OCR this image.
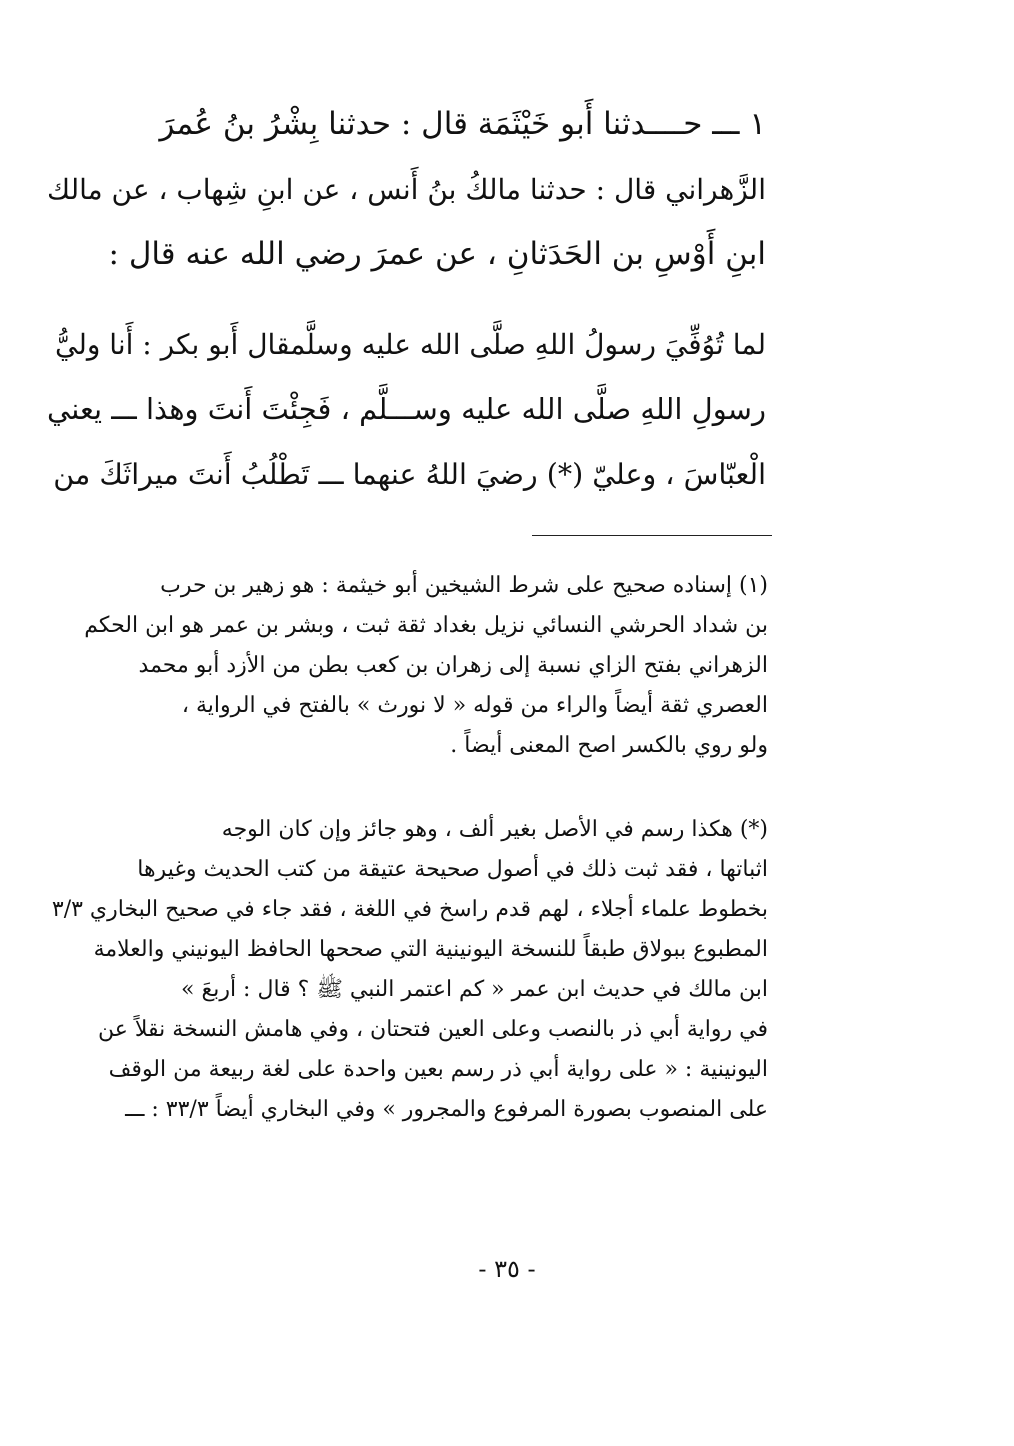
١ ـــ حــــدثنا أَبو خَيْثَمَة قال : حدثنا بِشْرُ بنُ عُمرَ
الزَّهراني قال : حدثنا مالكُ بنُ أَنس ، عن ابنِ شِهاب ، عن مالك
ابنِ أَوْسِ بن الحَدَثانِ ، عن عمرَ رضي الله عنه قال :
لما تُوُفِّيَ رسولُ اللهِ صلَّى الله عليه وسلَّمقال أَبو بكر : أَنا وليُّ
رسولِ اللهِ صلَّى الله عليه وســـلَّم ، فَجِئْتَ أَنتَ وهذا ـــ يعني
الْعبّاسَ ، وعليّ (*) رضيَ اللهُ عنهما ـــ تَطْلُبُ أَنتَ ميراثَكَ من
(١) إسناده صحيح على شرط الشيخين أبو خيثمة : هو زهير بن حرب
بن شداد الحرشي النسائي نزيل بغداد ثقة ثبت ، وبشر بن عمر هو ابن الحكم
الزهراني بفتح الزاي نسبة إلى زهران بن كعب بطن من الأزد أبو محمد
العصري ثقة أيضاً والراء من قوله « لا نورث » بالفتح في الرواية ،
ولو روي بالكسر اصح المعنى أيضاً .
(*) هكذا رسم في الأصل بغير ألف ، وهو جائز وإن كان الوجه
اثباتها ، فقد ثبت ذلك في أصول صحيحة عتيقة من كتب الحديث وغيرها
بخطوط علماء أجلاء ، لهم قدم راسخ في اللغة ، فقد جاء في صحيح البخاري ٣/٣
المطبوع ببولاق طبقاً للنسخة اليونينية التي صححها الحافظ اليونيني والعلامة
ابن مالك في حديث ابن عمر « كم اعتمر النبي ﷺ ؟ قال : أربعَ »
في رواية أبي ذر بالنصب وعلى العين فتحتان ، وفي هامش النسخة نقلاً عن
اليونينية : « على رواية أبي ذر رسم بعين واحدة على لغة ربيعة من الوقف
على المنصوب بصورة المرفوع والمجرور » وفي البخاري أيضاً ٣٣/٣ : ـــ
- ٣٥ -
